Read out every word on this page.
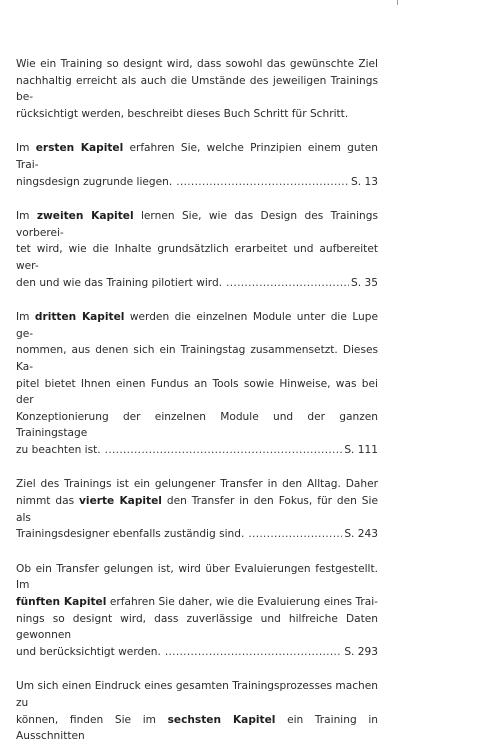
Wie ein Training so designt wird, dass sowohl das gewünschte Ziel
nachhaltig erreicht als auch die Umstände des jeweiligen Trainings be-
rücksichtigt werden, beschreibt dieses Buch Schritt für Schritt.

Im ersten Kapitel erfahren Sie, welche Prinzipien einem guten Trai-
ningsdesign zugrunde liegen. .....	S. 13

Im zweiten Kapitel lernen Sie, wie das Design des Trainings vorberei-
tet wird, wie die Inhalte grundsätzlich erarbeitet und aufbereitet wer-
den und wie das Training pilotiert wird. .....	S. 35

Im dritten Kapitel werden die einzelnen Module unter die Lupe ge-
nommen, aus denen sich ein Trainingstag zusammensetzt. Dieses Ka-
pitel bietet Ihnen einen Fundus an Tools sowie Hinweise, was bei der
Konzeptionierung der einzelnen Module und der ganzen Trainingstage
zu beachten ist. .....	S. 111

Ziel des Trainings ist ein gelungener Transfer in den Alltag. Daher
nimmt das vierte Kapitel den Transfer in den Fokus, für den Sie als
Trainingsdesigner ebenfalls zuständig sind. .....	S. 243

Ob ein Transfer gelungen ist, wird über Evaluierungen festgestellt. Im
fünften Kapitel erfahren Sie daher, wie die Evaluierung eines Trai-
nings so designt wird, dass zuverlässige und hilfreiche Daten gewonnen
und berücksichtigt werden. .....	S. 293

Um sich einen Eindruck eines gesamten Trainingsprozesses machen zu
können, finden Sie im sechsten Kapitel ein Training in Ausschnitten
